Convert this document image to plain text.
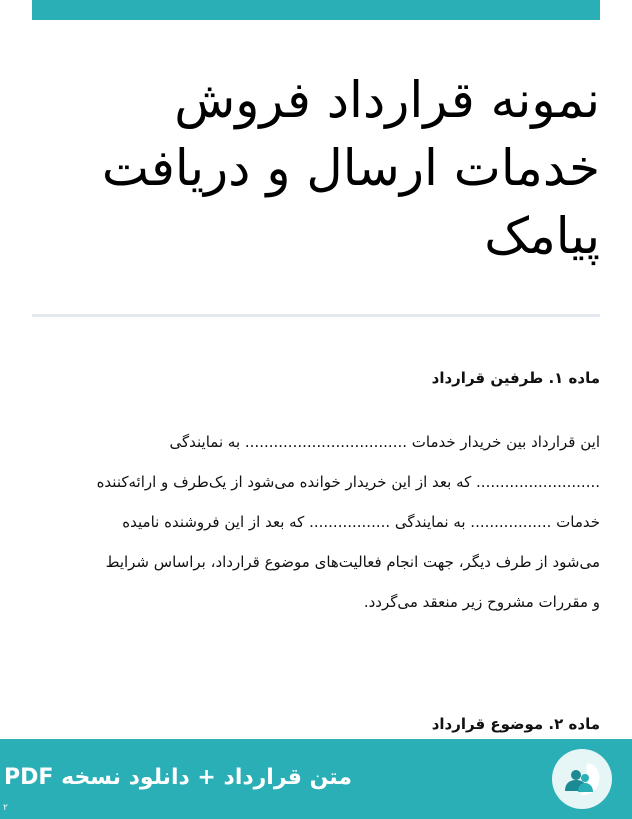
نمونه قرارداد فروش
خدمات ارسال و دریافت
پیامک
ماده ۱. طرفین قرارداد
این قرارداد بین خریدار خدمات .................................. به نمایندگی
.......................... که بعد از این خریدار خوانده می‌شود از یک‌طرف و ارائه‌کننده
خدمات ................. به نمایندگی ................. که بعد از این فروشنده نامیده
می‌شود از طرف دیگر، جهت انجام فعالیت‌های موضوع قرارداد، براساس شرایط
و مقررات مشروح زیر منعقد می‌گردد.
ماده ۲. موضوع قرارداد

متن قرارداد + دانلود نسخه PDF

۲
